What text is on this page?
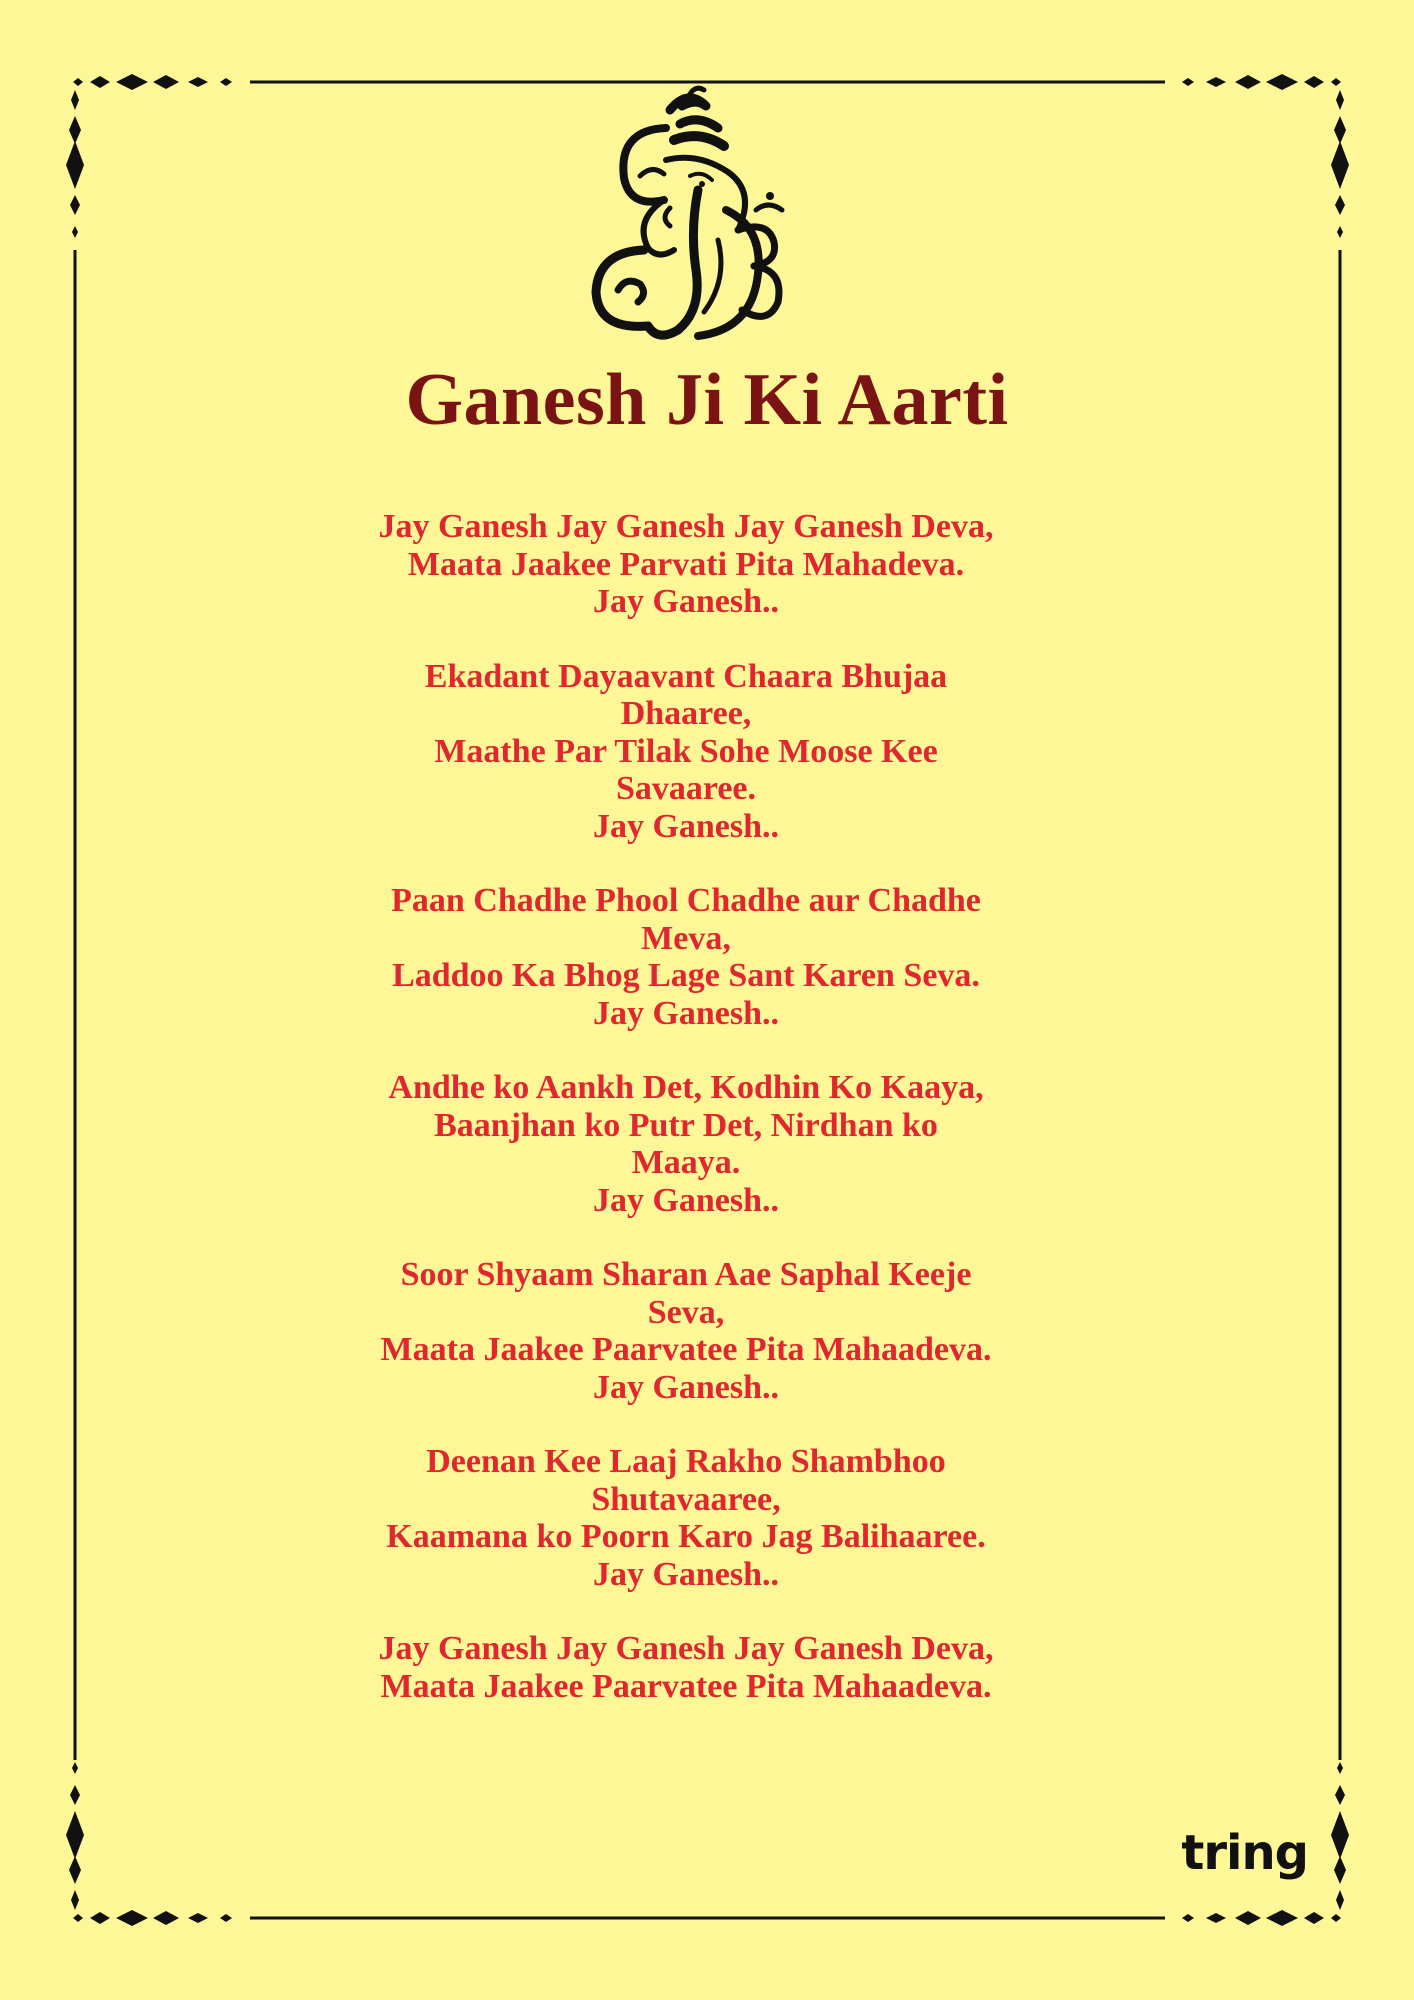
Ganesh Ji Ki Aarti
Jay Ganesh Jay Ganesh Jay Ganesh Deva,
Maata Jaakee Parvati Pita Mahadeva.
Jay Ganesh..
Ekadant Dayaavant Chaara Bhujaa
Dhaaree,
Maathe Par Tilak Sohe Moose Kee
Savaaree.
Jay Ganesh..
Paan Chadhe Phool Chadhe aur Chadhe
Meva,
Laddoo Ka Bhog Lage Sant Karen Seva.
Jay Ganesh..
Andhe ko Aankh Det, Kodhin Ko Kaaya,
Baanjhan ko Putr Det, Nirdhan ko
Maaya.
Jay Ganesh..
Soor Shyaam Sharan Aae Saphal Keeje
Seva,
Maata Jaakee Paarvatee Pita Mahaadeva.
Jay Ganesh..
Deenan Kee Laaj Rakho Shambhoo
Shutavaaree,
Kaamana ko Poorn Karo Jag Balihaaree.
Jay Ganesh..
Jay Ganesh Jay Ganesh Jay Ganesh Deva,
Maata Jaakee Paarvatee Pita Mahaadeva.
tring
